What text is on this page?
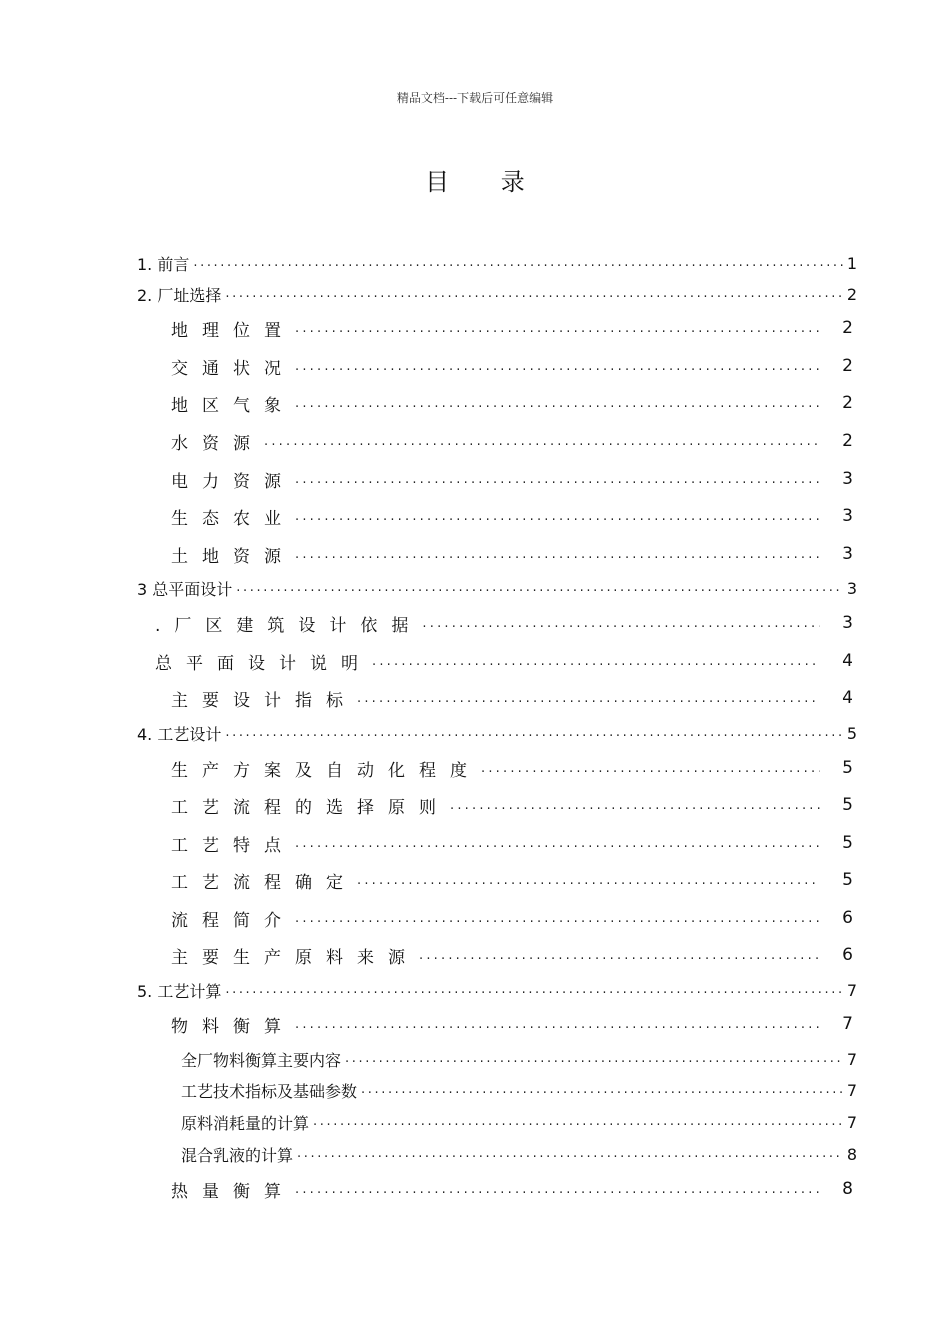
精品文档---下载后可任意编辑
目 录
1. 前言 .....	1
2. 厂址选择 .....	2
地理位置 .....	2
交通状况 .....	2
地区气象 .....	2
水资源 .....	2
电力资源 .....	3
生态农业 .....	3
土地资源 .....	3
3 总平面设计 .....	3
.厂区建筑设计依据 .....	3
总平面设计说明 .....	4
主要设计指标 .....	4
4. 工艺设计 .....	5
生产方案及自动化程度 .....	5
工艺流程的选择原则 .....	5
工艺特点 .....	5
工艺流程确定 .....	5
流程简介 .....	6
主要生产原料来源 .....	6
5. 工艺计算 .....	7
物料衡算 .....	7
全厂物料衡算主要内容 .....	7
工艺技术指标及基础参数 .....	7
原料消耗量的计算 .....	7
混合乳液的计算 .....	8
热量衡算 .....	8
